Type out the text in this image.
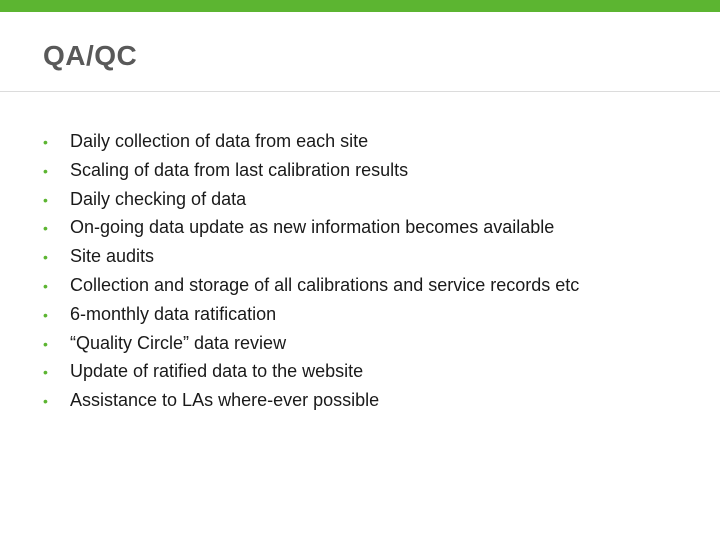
QA/QC
•	Daily collection of data from each site
•	Scaling of data from last calibration results
•	Daily checking of data
•	On-going data update as new information becomes available
•	Site audits
•	Collection and storage of all calibrations and service records etc
•	6-monthly data ratification
•	“Quality Circle” data review
•	Update of ratified data to the website
•	Assistance to LAs where-ever possible
